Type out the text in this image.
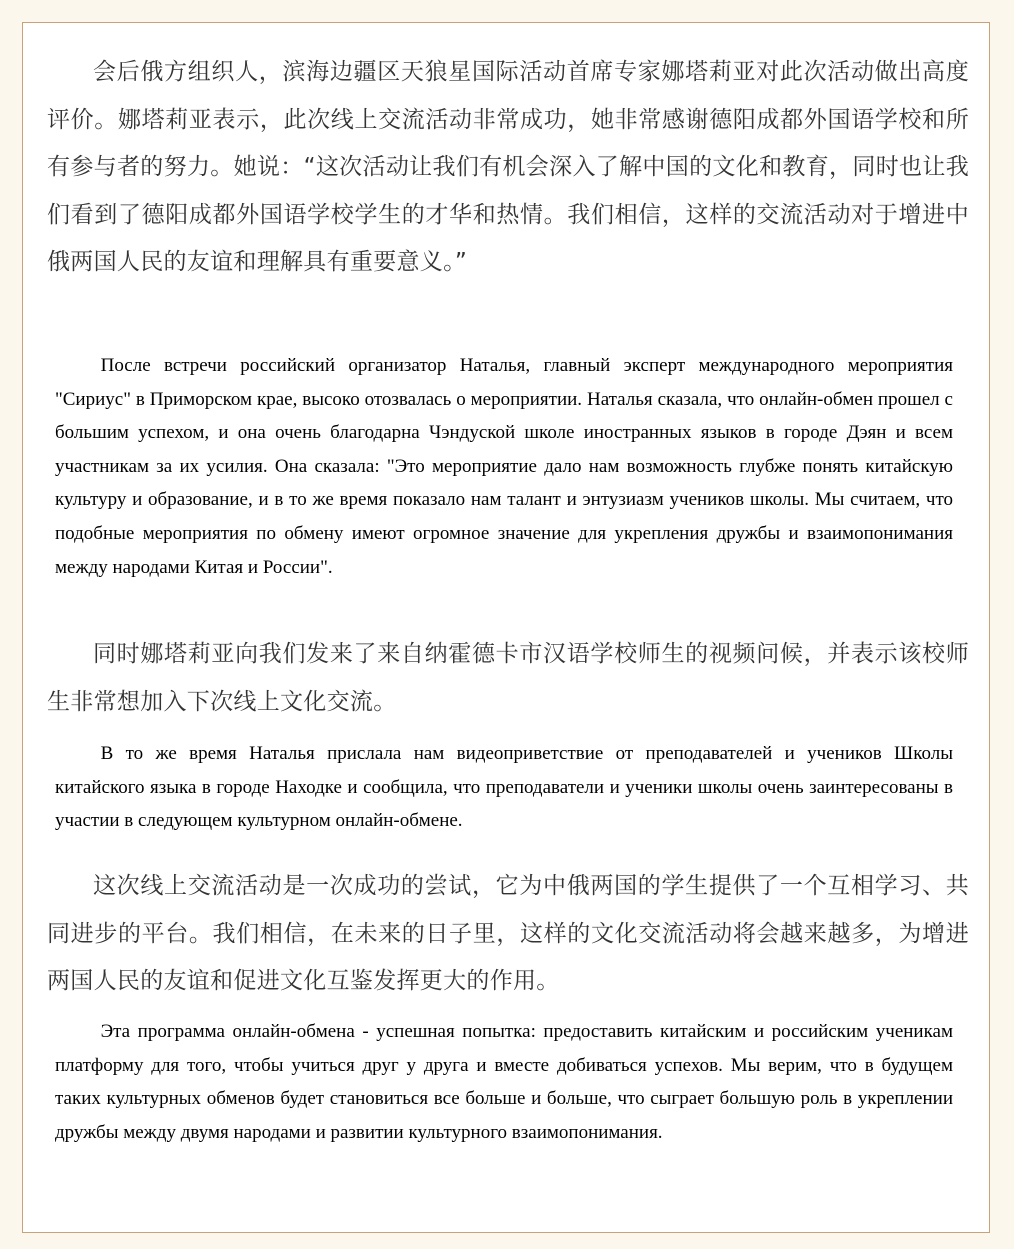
会后俄方组织人，滨海边疆区天狼星国际活动首席专家娜塔莉亚对此次活动做出高度评价。娜塔莉亚表示，此次线上交流活动非常成功，她非常感谢德阳成都外国语学校和所有参与者的努力。她说：“这次活动让我们有机会深入了解中国的文化和教育，同时也让我们看到了德阳成都外国语学校学生的才华和热情。我们相信，这样的交流活动对于增进中俄两国人民的友谊和理解具有重要意义。”

После встречи российский организатор Наталья, главный эксперт международного мероприятия "Сириус" в Приморском крае, высоко отозвалась о мероприятии. Наталья сказала, что онлайн-обмен прошел с большим успехом, и она очень благодарна Чэндуской школе иностранных языков в городе Дэян и всем участникам за их усилия. Она сказала: "Это мероприятие дало нам возможность глубже понять китайскую культуру и образование, и в то же время показало нам талант и энтузиазм учеников школы. Мы считаем, что подобные мероприятия по обмену имеют огромное значение для укрепления дружбы и взаимопонимания между народами Китая и России".

同时娜塔莉亚向我们发来了来自纳霍德卡市汉语学校师生的视频问候，并表示该校师生非常想加入下次线上文化交流。

В то же время Наталья прислала нам видеоприветствие от преподавателей и учеников Школы китайского языка в городе Находке и сообщила, что преподаватели и ученики школы очень заинтересованы в участии в следующем культурном онлайн-обмене.

这次线上交流活动是一次成功的尝试，它为中俄两国的学生提供了一个互相学习、共同进步的平台。我们相信，在未来的日子里，这样的文化交流活动将会越来越多，为增进两国人民的友谊和促进文化互鉴发挥更大的作用。

Эта программа онлайн-обмена - успешная попытка: предоставить китайским и российским ученикам платформу для того, чтобы учиться друг у друга и вместе добиваться успехов. Мы верим, что в будущем таких культурных обменов будет становиться все больше и больше, что сыграет большую роль в укреплении дружбы между двумя народами и развитии культурного взаимопонимания.
